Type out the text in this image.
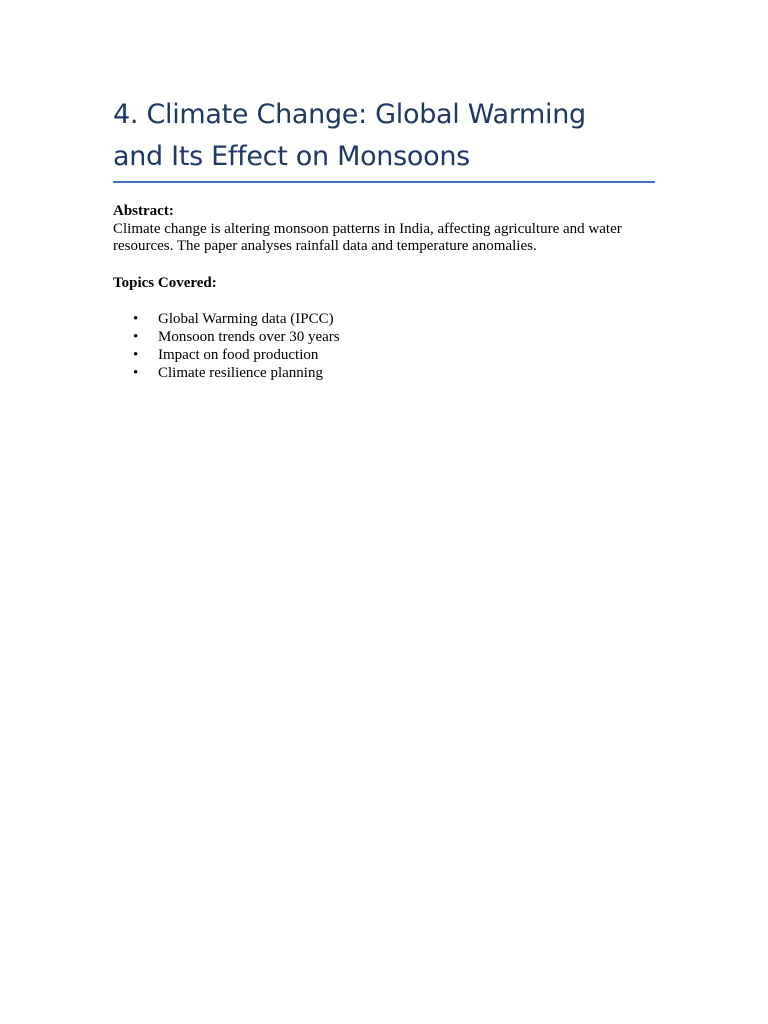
4. Climate Change: Global Warming
and Its Effect on Monsoons
Abstract:
Climate change is altering monsoon patterns in India, affecting agriculture and water resources. The paper analyses rainfall data and temperature anomalies.
Topics Covered:
• Global Warming data (IPCC)
• Monsoon trends over 30 years
• Impact on food production
• Climate resilience planning
